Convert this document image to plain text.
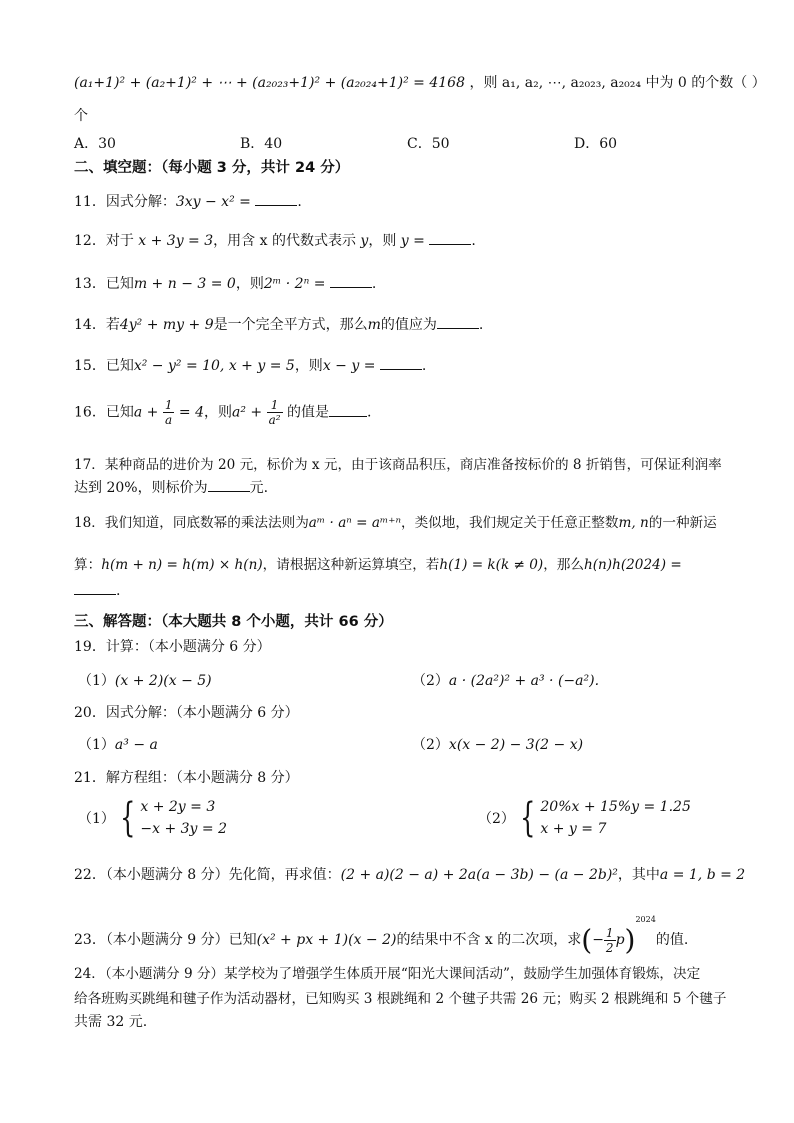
(a₁+1)² + (a₂+1)² + ⋯ + (a₂₀₂₃+1)² + (a₂₀₂₄+1)² = 4168 ，则 a₁, a₂, ⋯, a₂₀₂₃, a₂₀₂₄ 中为 0 的个数（ ）
个
A．30	B．40	C．50	D．60
二、填空题：（每小题 3 分，共计 24 分）
11．因式分解：3xy − x² =	.
12．对于 x + 3y = 3，用含 x 的代数式表示 y，则 y =	.
13．已知m + n − 3 = 0，则2ᵐ · 2ⁿ =	.
14．若4y² + my + 9是一个完全平方式，那么m的值应为	.
15．已知x² − y² = 10, x + y = 5，则x − y =	.
16．已知$a + \frac{1}{a} = 4$，则$a^2 + \frac{1}{\text{a²}}$ 的值是	.
17．某种商品的进价为 20 元，标价为 x 元，由于该商品积压，商店准备按标价的 8 折销售，可保证利润率
达到 20%，则标价为	元.
18．我们知道，同底数幂的乘法法则为aᵐ · aⁿ = aᵐ⁺ⁿ，类似地，我们规定关于任意正整数m, n的一种新运
算：h(m + n) = h(m) × h(n)，请根据这种新运算填空，若h(1) = k(k ≠ 0)，那么h(n)h(2024) =
.
三、解答题：（本大题共 8 个小题，共计 66 分）
19．计算：（本小题满分 6 分）
（1）(x + 2)(x − 5)	（2）a · (2a²)² + a³ · (−a²).
20．因式分解：（本小题满分 6 分）
（1）a³ − a	（2）x(x − 2) − 3(2 − x)
21．解方程组：（本小题满分 8 分）
（1） { x + 2y = 3
−x + 3y = 2
（2） { 20%x + 15%y = 1.25
x + y = 7
22．（本小题满分 8 分）先化简，再求值：(2 + a)(2 − a) + 2a(a − 3b) − (a − 2b)²，其中a = 1, b = 2
23．（本小题满分 9 分）已知(x² + px + 1)(x − 2)的结果中不含 x 的二次项，求(− $\frac{1}{2} p)^{2024}$的值.
24．（本小题满分 9 分）某学校为了增强学生体质开展“阳光大课间活动”，鼓励学生加强体育锻炼，决定
给各班购买跳绳和毽子作为活动器材，已知购买 3 根跳绳和 2 个毽子共需 26 元；购买 2 根跳绳和 5 个毽子
共需 32 元.
